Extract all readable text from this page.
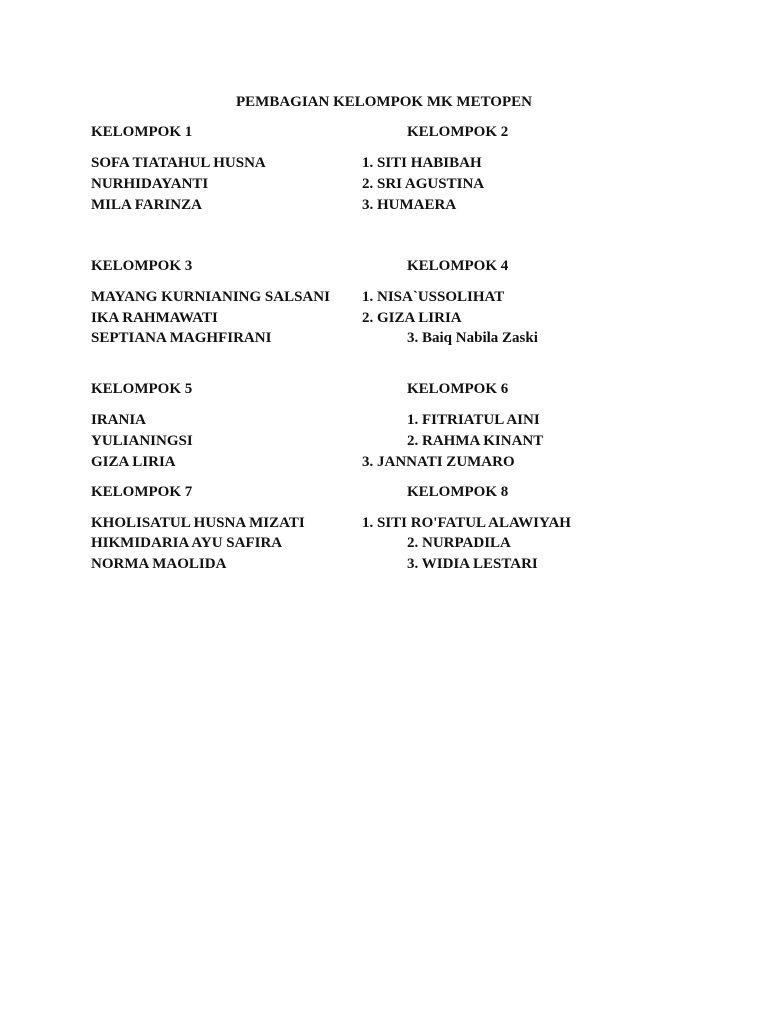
PEMBAGIAN KELOMPOK MK METOPEN
KELOMPOK 1
SOFA TIATAHUL HUSNA
NURHIDAYANTI
MILA FARINZA
KELOMPOK 2
1. SITI HABIBAH
2. SRI AGUSTINA
3. HUMAERA
KELOMPOK 3
MAYANG KURNIANING SALSANI
IKA RAHMAWATI
SEPTIANA MAGHFIRANI
KELOMPOK 4
1. NISA`USSOLIHAT
2. GIZA LIRIA
3. Baiq Nabila Zaski
KELOMPOK 5
IRANIA
YULIANINGSI
GIZA LIRIA
KELOMPOK 6
1. FITRIATUL AINI
2. RAHMA KINANT
3. JANNATI ZUMARO
KELOMPOK 7
KHOLISATUL HUSNA MIZATI
HIKMIDARIA AYU SAFIRA
NORMA MAOLIDA
KELOMPOK 8
1. SITI RO'FATUL ALAWIYAH
2. NURPADILA
3. WIDIA LESTARI
